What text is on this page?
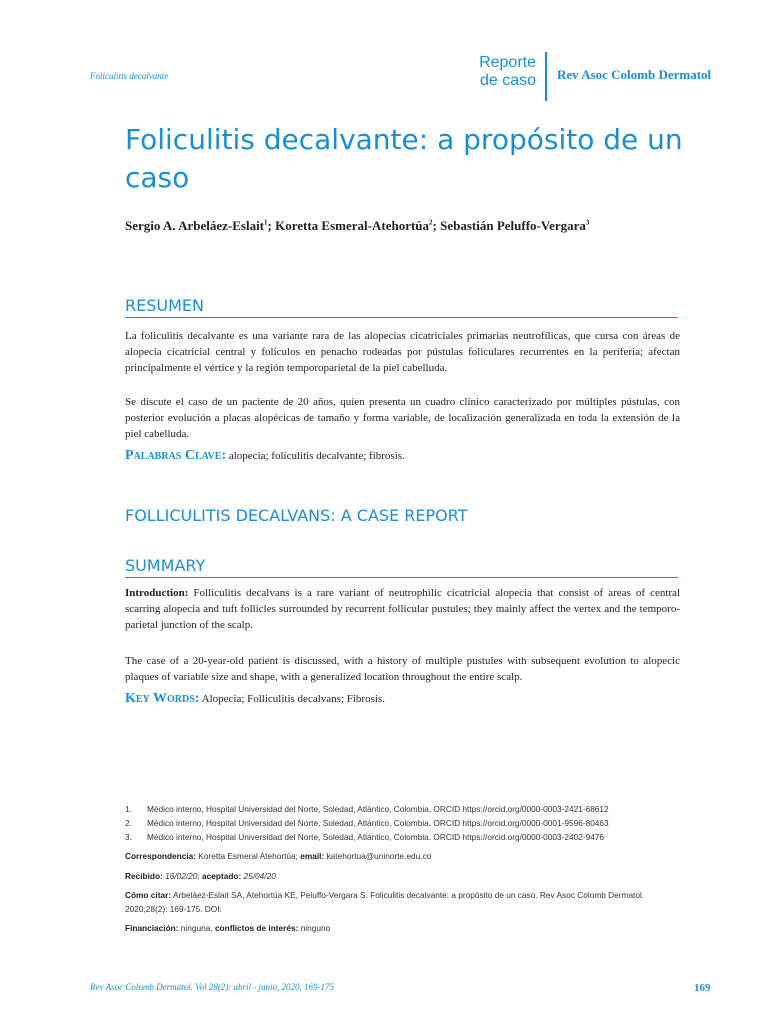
Foliculitis decalvante
Reporte
de caso Rev Asoc Colomb Dermatol
Foliculitis decalvante: a propósito de un caso
Sergio A. Arbeláez-Eslait$^1$; Koretta Esmeral-Atehortúa$^2$; Sebastián Peluffo-Vergara$^3$
RESUMEN

La foliculitis decalvante es una variante rara de las alopecias cicatriciales primarias neutrofílicas, que cursa con áreas de alopecia cicatricial central y folículos en penacho rodeadas por pústulas foliculares recurrentes en la periferia; afectan principalmente el vértice y la región temporoparietal de la piel cabelluda.

Se discute el caso de un paciente de 20 años, quien presenta un cuadro clínico caracterizado por múltiples pústulas, con posterior evolución a placas alopécicas de tamaño y forma variable, de localización generalizada en toda la extensión de la piel cabelluda.

Palabras Clave: alopecia; foliculitis decalvante; fibrosis.
FOLLICULITIS DECALVANS: A CASE REPORT
SUMMARY

Introduction: Folliculitis decalvans is a rare variant of neutrophilic cicatricial alopecia that consist of areas of central scarring alopecia and tuft follicles surrounded by recurrent follicular pustules; they mainly affect the vertex and the temporo-parietal junction of the scalp.

The case of a 20-year-old patient is discussed, with a history of multiple pustules with subsequent evolution to alopecic plaques of variable size and shape, with a generalized location throughout the entire scalp.

Key Words: Alopecia; Folliculitis decalvans; Fibrosis.
1.	Médico interno, Hospital Universidad del Norte, Soledad, Atlántico, Colombia. ORCID https://orcid.org/0000-0003-2421-68612
2.	Médico interno, Hospital Universidad del Norte, Soledad, Atlántico, Colombia. ORCID https://orcid.org/0000-0001-9596-80463
3.	Médico interno, Hospital Universidad del Norte, Soledad, Atlántico, Colombia. ORCID https://orcid.org/0000-0003-2402-9476
Correspondencia: Koretta Esmeral Atehortúa; email: katehortua@uninorte.edu.co
Recibido: 16/02/20; aceptado: 25/04/20
Cómo citar: Arbeláez-Eslait SA, Atehortúa KE, Peluffo-Vergara S. Foliculitis decalvante: a propósito de un caso. Rev Asoc Colomb Dermatol. 2020;28(2): 169-175. DOI:
Financiación: ninguna, conflictos de interés: ninguno
Rev Asoc Colomb Dermatol. Vol 28(2): abril - junio, 2020, 169-175	169
